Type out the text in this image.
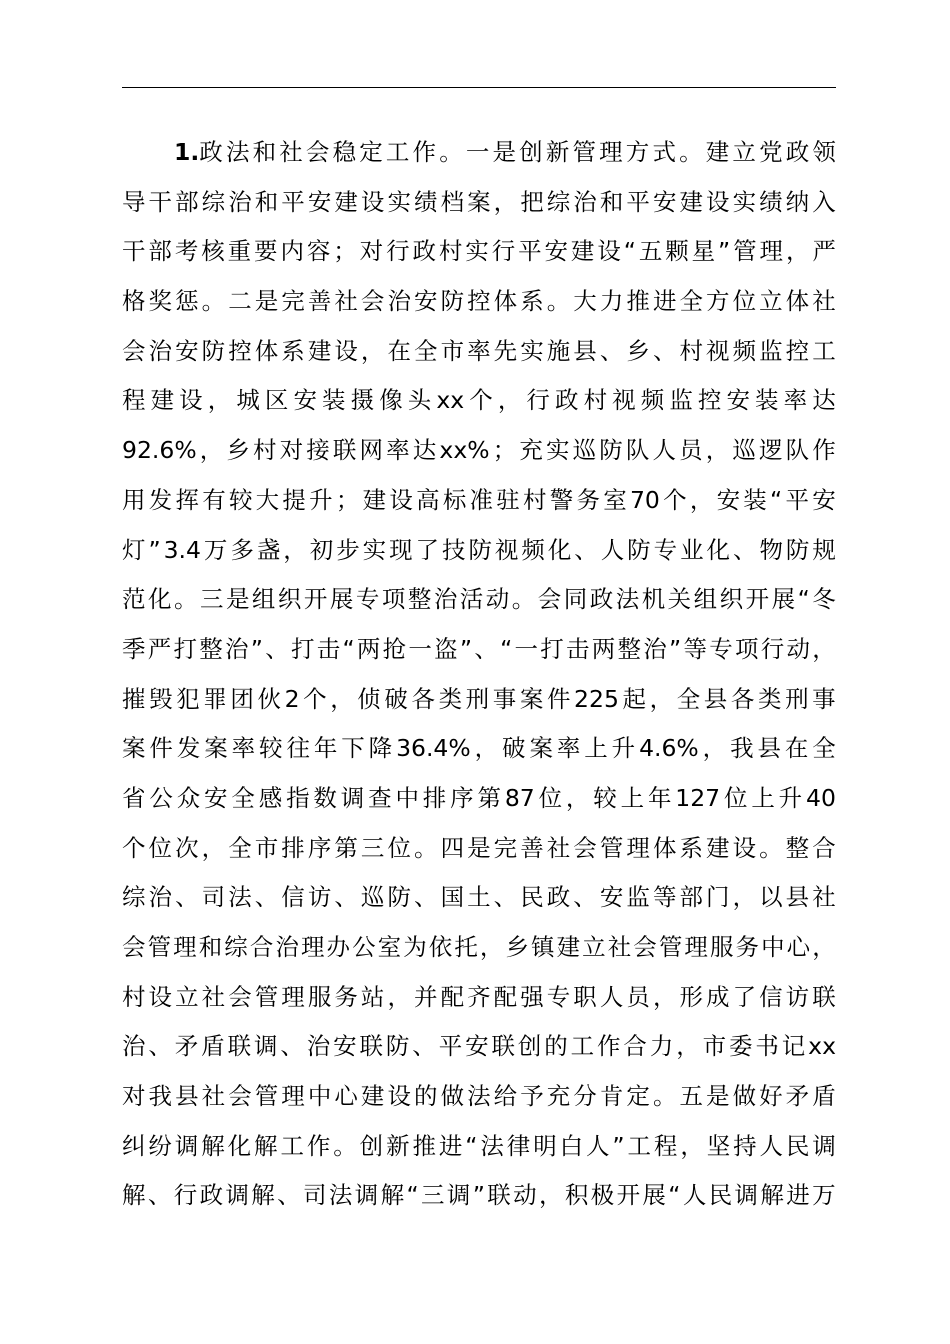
1. 政 法 和 社 会 稳 定 工 作 。 一 是 创 新 管 理 方 式 。 建 立 党 政 领
导 干 部 综 治 和 平 安 建 设 实 绩 档 案 ， 把 综 治 和 平 安 建 设 实 绩 纳 入
干 部 考 核 重 要 内 容 ； 对 行 政 村 实 行 平 安 建 设 “ 五 颗 星 ” 管 理 ， 严
格 奖 惩 。 二 是 完 善 社 会 治 安 防 控 体 系 。 大 力 推 进 全 方 位 立 体 社
会 治 安 防 控 体 系 建 设 ， 在 全 市 率 先 实 施 县 、 乡 、 村 视 频 监 控 工
程 建 设 ， 城 区 安 装 摄 像 头 xx 个 ， 行 政 村 视 频 监 控 安 装 率 达
92.6% ， 乡 村 对 接 联 网 率 达 xx% ； 充 实 巡 防 队 人 员 ， 巡 逻 队 作
用 发 挥 有 较 大 提 升 ； 建 设 高 标 准 驻 村 警 务 室 70 个 ， 安 装 “ 平 安
灯 ” 3.4 万 多 盏 ， 初 步 实 现 了 技 防 视 频 化 、 人 防 专 业 化 、 物 防 规
范 化 。 三 是 组 织 开 展 专 项 整 治 活 动 。 会 同 政 法 机 关 组 织 开 展 “ 冬
季 严 打 整 治 ” 、 打 击 “ 两 抢 一 盗 ” 、 “ 一 打 击 两 整 治 ” 等 专 项 行 动 ，
摧 毁 犯 罪 团 伙 2 个 ， 侦 破 各 类 刑 事 案 件 225 起 ， 全 县 各 类 刑 事
案 件 发 案 率 较 往 年 下 降 36.4% ， 破 案 率 上 升 4.6% ， 我 县 在 全
省 公 众 安 全 感 指 数 调 查 中 排 序 第 87 位 ， 较 上 年 127 位 上 升 40
个 位 次 ， 全 市 排 序 第 三 位 。 四 是 完 善 社 会 管 理 体 系 建 设 。 整 合
综 治 、 司 法 、 信 访 、 巡 防 、 国 土 、 民 政 、 安 监 等 部 门 ， 以 县 社
会 管 理 和 综 合 治 理 办 公 室 为 依 托 ， 乡 镇 建 立 社 会 管 理 服 务 中 心 ，
村 设 立 社 会 管 理 服 务 站 ， 并 配 齐 配 强 专 职 人 员 ， 形 成 了 信 访 联
治 、 矛 盾 联 调 、 治 安 联 防 、 平 安 联 创 的 工 作 合 力 ， 市 委 书 记 xx
对 我 县 社 会 管 理 中 心 建 设 的 做 法 给 予 充 分 肯 定 。 五 是 做 好 矛 盾
纠 纷 调 解 化 解 工 作 。 创 新 推 进 “ 法 律 明 白 人 ” 工 程 ， 坚 持 人 民 调
解 、 行 政 调 解 、 司 法 调 解 “ 三 调 ” 联 动 ， 积 极 开 展 “ 人 民 调 解 进 万
